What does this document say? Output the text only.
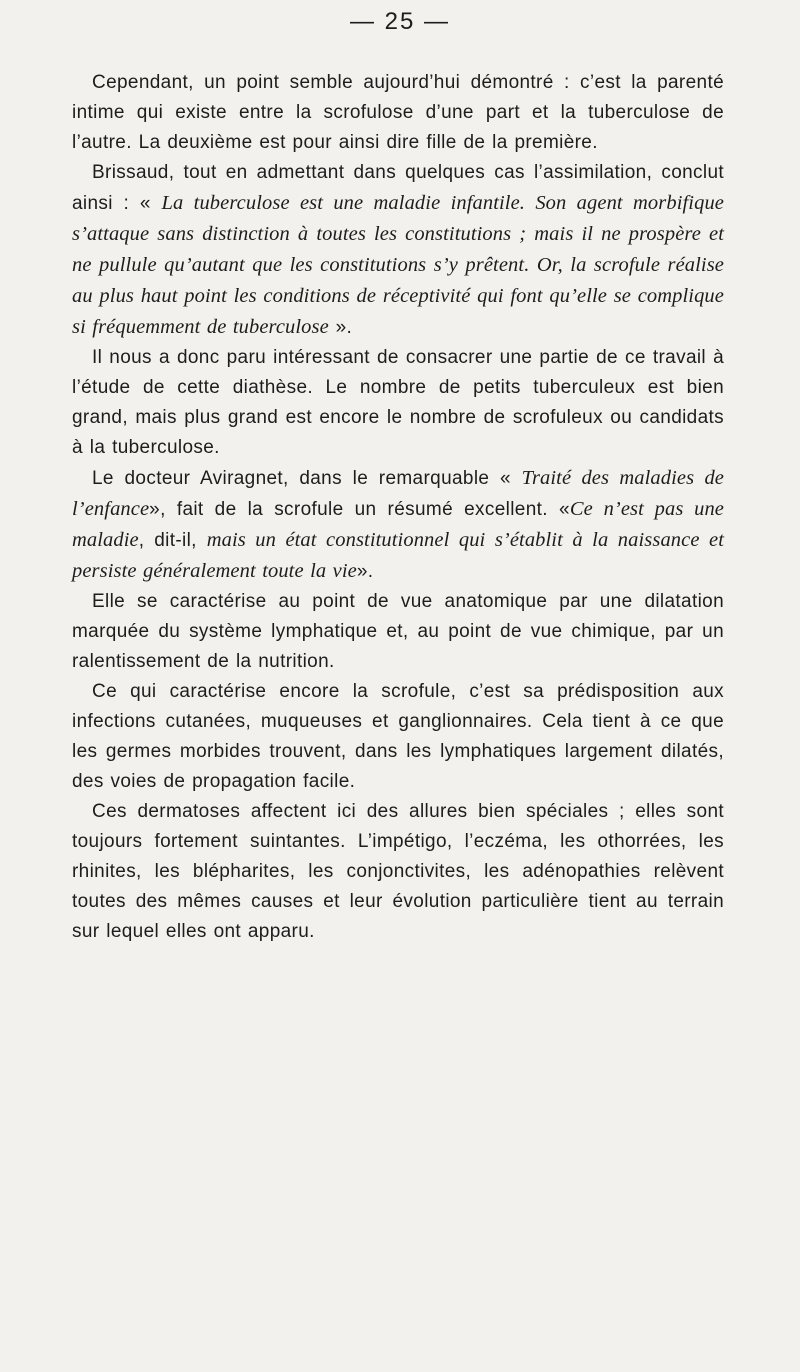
— 25 —

Cependant, un point semble aujourd’hui démontré : c’est la parenté intime qui existe entre la scrofulose d’une part et la tuberculose de l’autre. La deuxième est pour ainsi dire fille de la première.

Brissaud, tout en admettant dans quelques cas l’assimilation, conclut ainsi : « La tuberculose est une maladie infantile. Son agent morbifique s’attaque sans distinction à toutes les constitutions ; mais il ne prospère et ne pullule qu’autant que les constitutions s’y prêtent. Or, la scrofule réalise au plus haut point les conditions de réceptivité qui font qu’elle se complique si fréquemment de tuberculose ».

Il nous a donc paru intéressant de consacrer une partie de ce travail à l’étude de cette diathèse. Le nombre de petits tuberculeux est bien grand, mais plus grand est encore le nombre de scrofuleux ou candidats à la tuberculose.

Le docteur Aviragnet, dans le remarquable « Traité des maladies de l’enfance», fait de la scrofule un résumé excellent. «Ce n’est pas une maladie, dit-il, mais un état constitutionnel qui s’établit à la naissance et persiste généralement toute la vie».

Elle se caractérise au point de vue anatomique par une dilatation marquée du système lymphatique et, au point de vue chimique, par un ralentissement de la nutrition.

Ce qui caractérise encore la scrofule, c’est sa prédisposition aux infections cutanées, muqueuses et ganglionnaires. Cela tient à ce que les germes morbides trouvent, dans les lymphatiques largement dilatés, des voies de propagation facile.

Ces dermatoses affectent ici des allures bien spéciales ; elles sont toujours fortement suintantes. L’impétigo, l’eczéma, les othorrées, les rhinites, les blépharites, les conjonctivites, les adénopathies relèvent toutes des mêmes causes et leur évolution particulière tient au terrain sur lequel elles ont apparu.
